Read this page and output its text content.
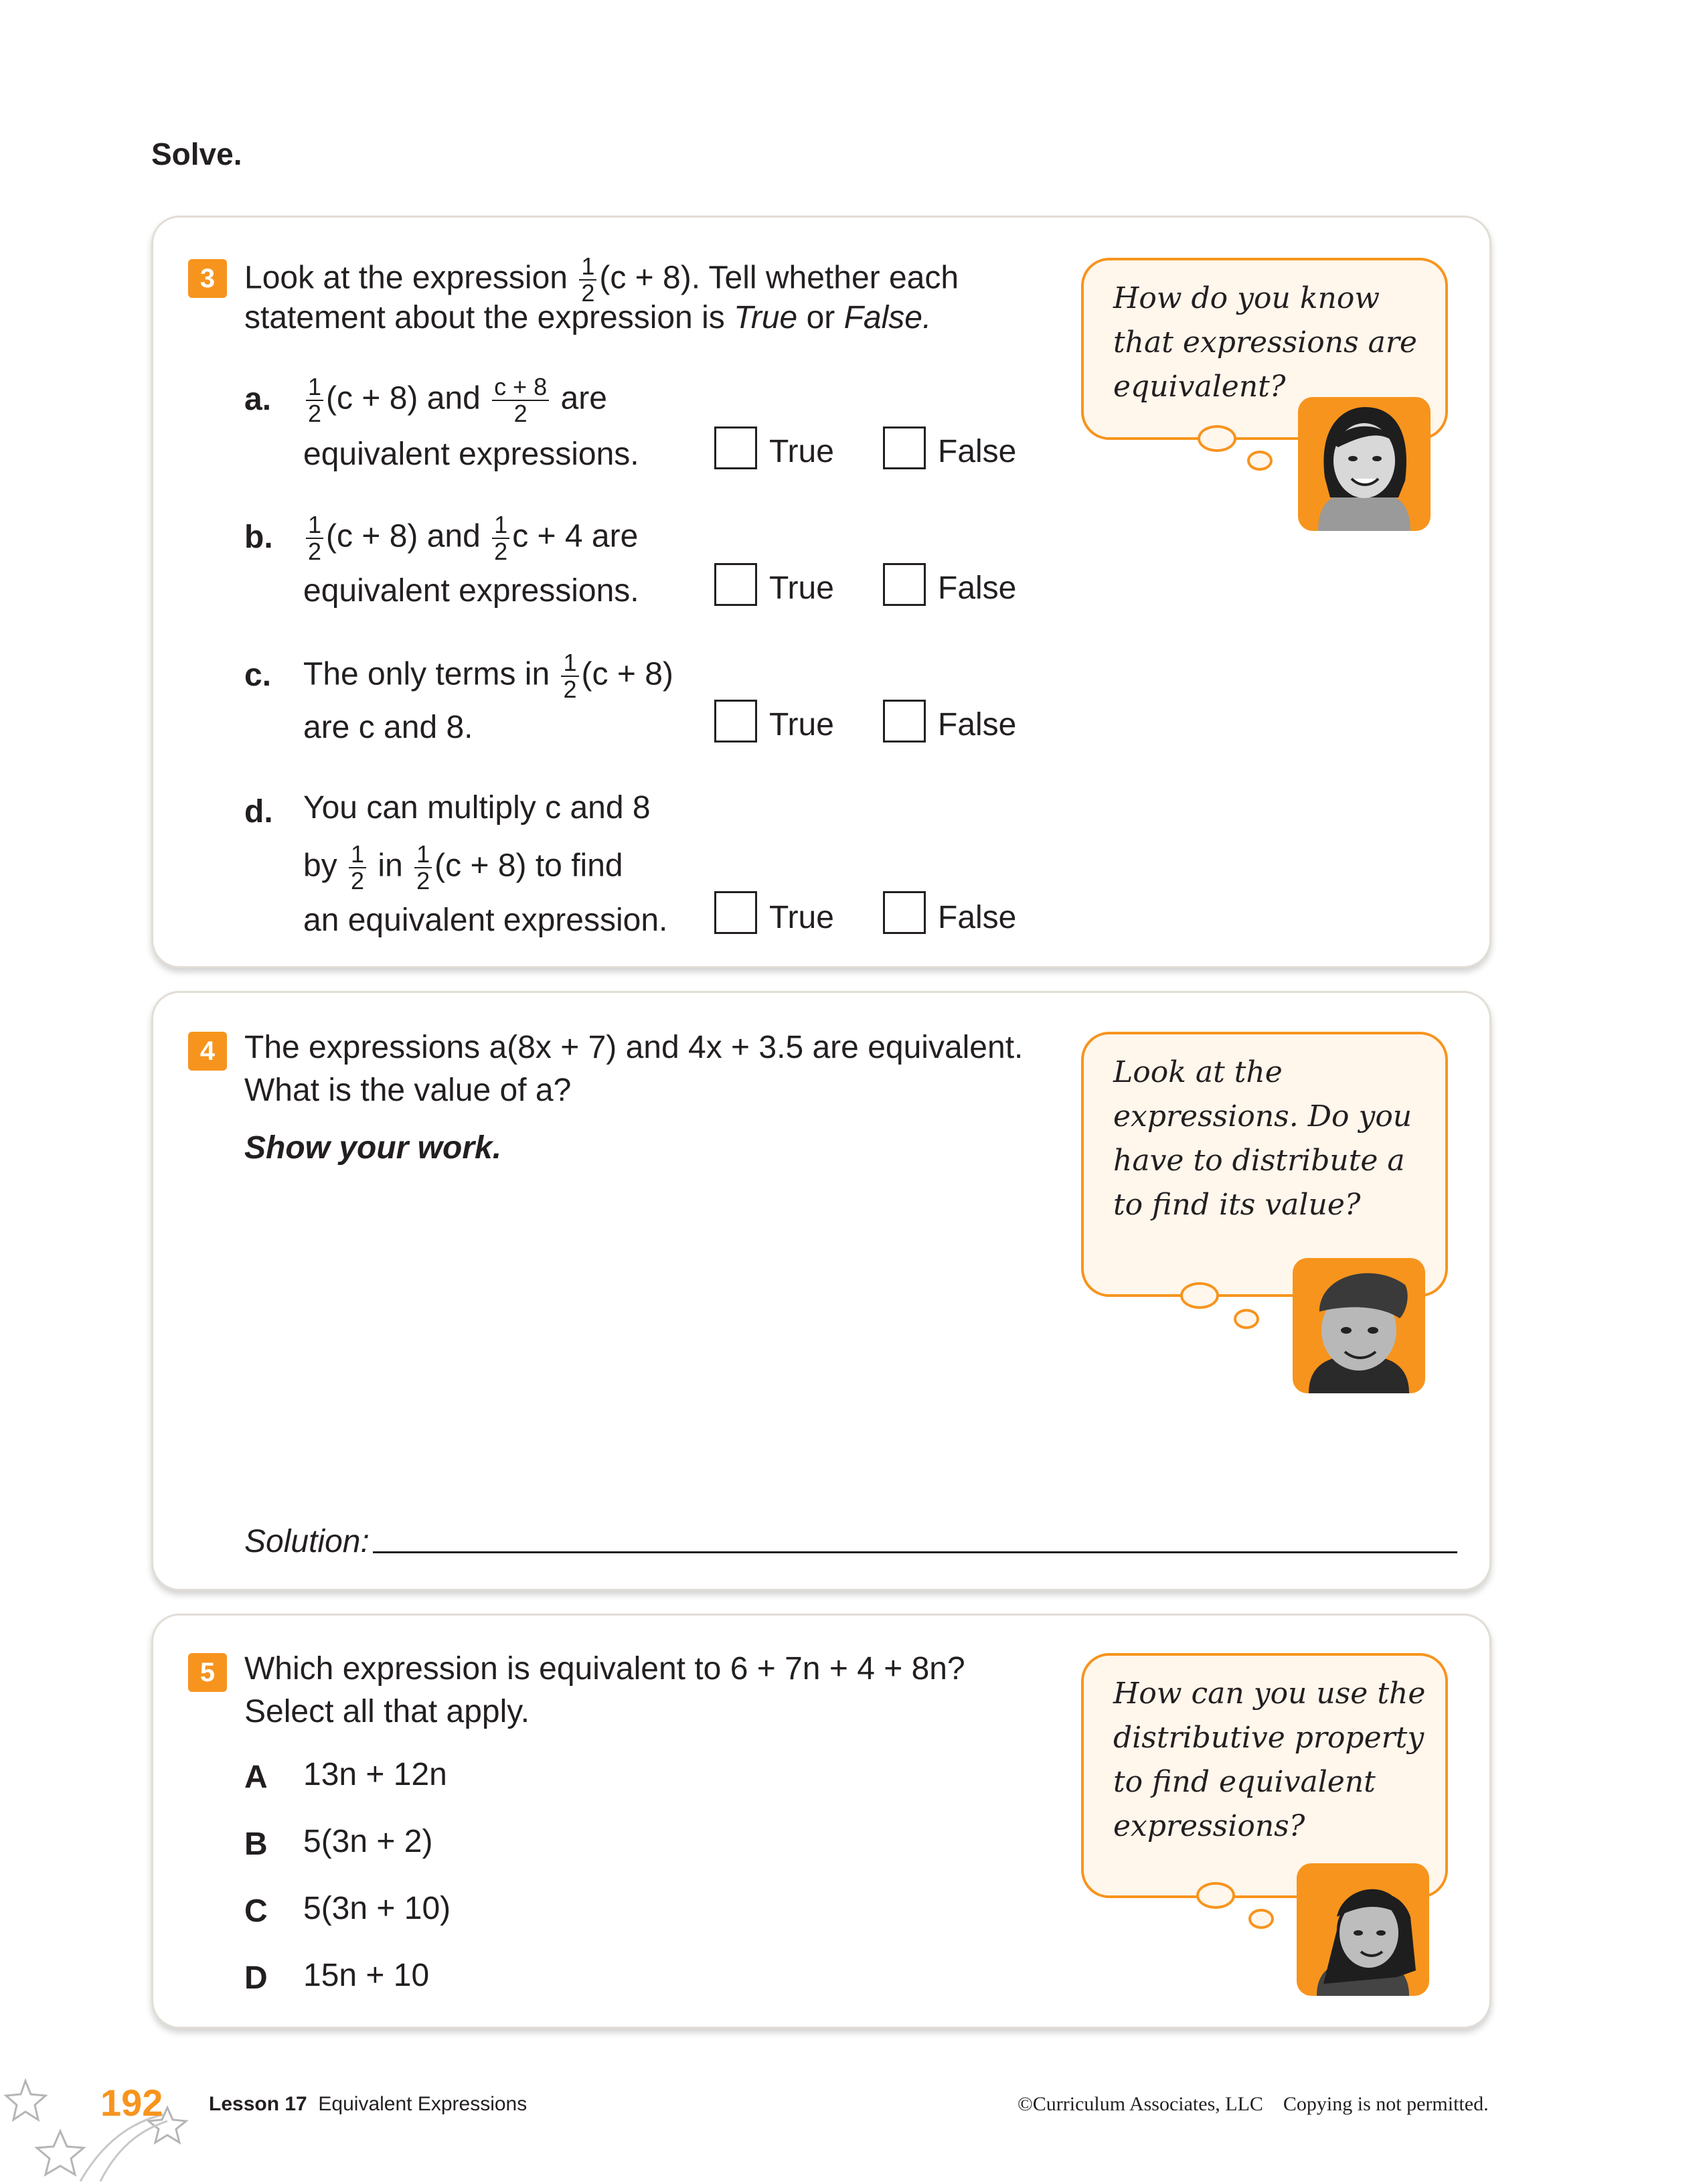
Solve.
3 Look at the expression $\frac{1}{2} (c + 8)$. Tell whether each
statement about the expression is True or False.
a. $\frac{1}{2} (c + 8)$ and $\frac{c + 8}{2}$ are
equivalent expressions.	True	False
b. $\frac{1}{2} (c + 8)$ and $\frac{1}{2}$ c + 4 are
equivalent expressions.	True	False
c. The only terms in $\frac{1}{2} (c + 8)$
are c and 8.	True	False
d. You can multiply c and 8
by $\frac{1}{2}$ in $\frac{1}{2} (c + 8)$ to find
an equivalent expression.	True	False
How do you know
that expressions are
equivalent?
4 The expressions a(8x + 7) and 4x + 3.5 are equivalent.
What is the value of a?
Show your work.
Solution:
Look at the
expressions. Do you
have to distribute a
to find its value?
5 Which expression is equivalent to 6 + 7n + 4 + 8n?
Select all that apply.
A 13n + 12n
B 5(3n + 2)
C 5(3n + 10)
D 15n + 10
How can you use the
distributive property
to find equivalent
expressions?
192 Lesson 17 Equivalent Expressions	©Curriculum Associates, LLC Copying is not permitted.
